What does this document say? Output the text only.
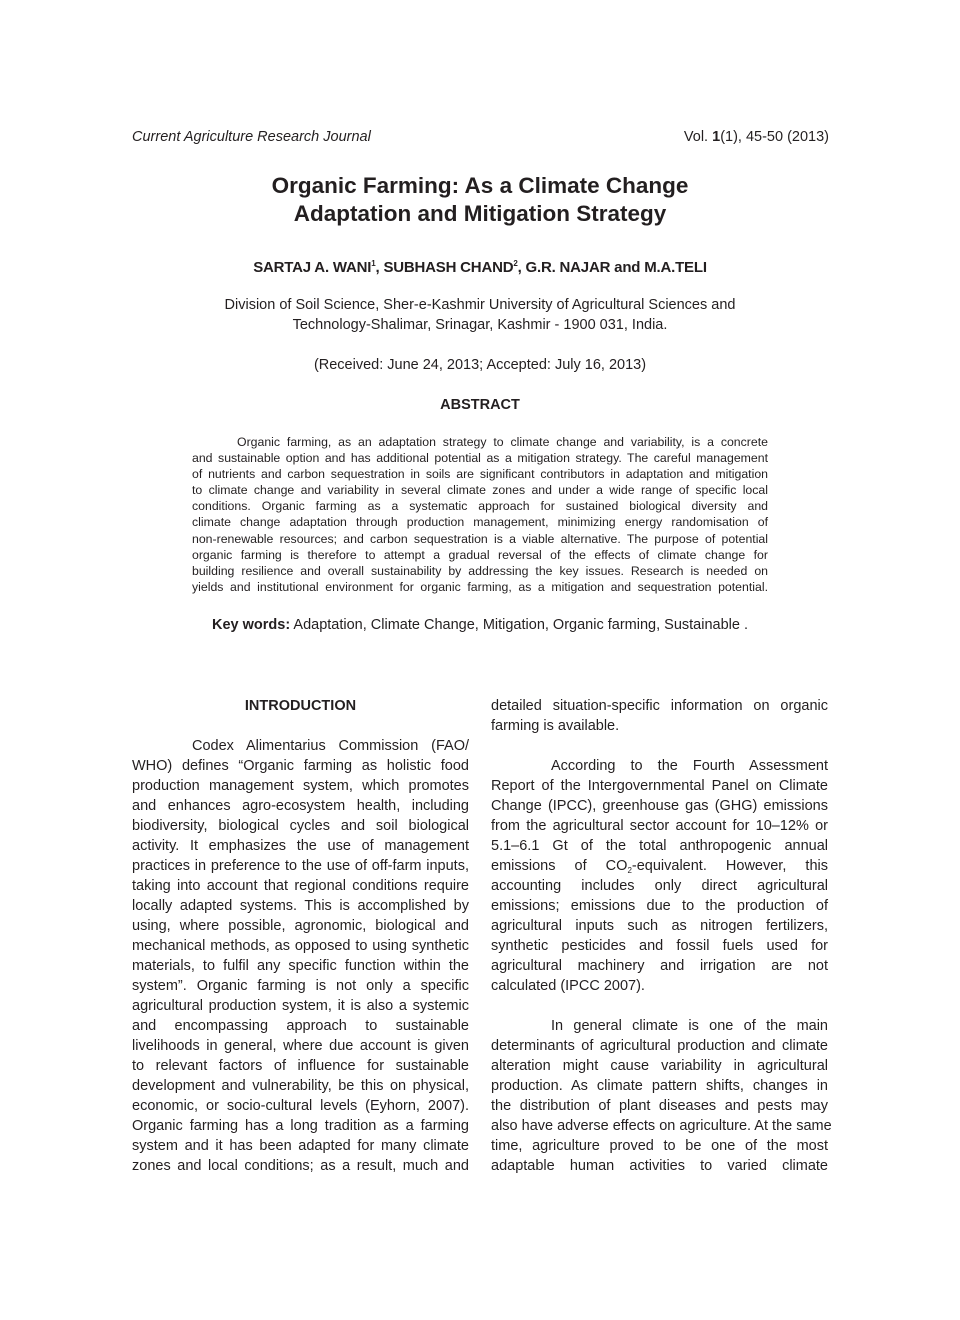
Current Agriculture Research Journal	Vol. 1(1), 45-50 (2013)
Organic Farming: As a Climate Change
Adaptation and Mitigation Strategy
SARTAJ A. WANI$^1$, SUBHASH CHAND$^2$, G.R. NAJAR and M.A.TELI
Division of Soil Science, Sher-e-Kashmir University of Agricultural Sciences and
Technology-Shalimar, Srinagar, Kashmir - 1900 031, India.
(Received: June 24, 2013; Accepted: July 16, 2013)
ABSTRACT
Organic farming, as an adaptation strategy to climate change and variability, is a concrete
and sustainable option and has additional potential as a mitigation strategy. The careful management
of nutrients and carbon sequestration in soils are significant contributors in adaptation and mitigation
to climate change and variability in several climate zones and under a wide range of specific local
conditions. Organic farming as a systematic approach for sustained biological diversity and
climate change adaptation through production management, minimizing energy randomisation of
non-renewable resources; and carbon sequestration is a viable alternative. The purpose of potential
organic farming is therefore to attempt a gradual reversal of the effects of climate change for
building resilience and overall sustainability by addressing the key issues. Research is needed on
yields and institutional environment for organic farming, as a mitigation and sequestration potential.
Key words: Adaptation, Climate Change, Mitigation, Organic farming, Sustainable .
INTRODUCTION
Codex Alimentarius Commission (FAO/
WHO) defines “Organic farming as holistic food
production management system, which promotes
and enhances agro-ecosystem health, including
biodiversity, biological cycles and soil biological
activity. It emphasizes the use of management
practices in preference to the use of off-farm inputs,
taking into account that regional conditions require
locally adapted systems. This is accomplished by
using, where possible, agronomic, biological and
mechanical methods, as opposed to using synthetic
materials, to fulfil any specific function within the
system”. Organic farming is not only a specific
agricultural production system, it is also a systemic
and encompassing approach to sustainable
livelihoods in general, where due account is given
to relevant factors of influence for sustainable
development and vulnerability, be this on physical,
economic, or socio-cultural levels (Eyhorn, 2007).
Organic farming has a long tradition as a farming
system and it has been adapted for many climate
zones and local conditions; as a result, much and
detailed situation-specific information on organic
farming is available.
According to the Fourth Assessment
Report of the Intergovernmental Panel on Climate
Change (IPCC), greenhouse gas (GHG) emissions
from the agricultural sector account for 10–12% or
5.1–6.1 Gt of the total anthropogenic annual
emissions of $CO_2$-equivalent. However, this
accounting includes only direct agricultural
emissions; emissions due to the production of
agricultural inputs such as nitrogen fertilizers,
synthetic pesticides and fossil fuels used for
agricultural machinery and irrigation are not
calculated (IPCC 2007).
In general climate is one of the main
determinants of agricultural production and climate
alteration might cause variability in agricultural
production. As climate pattern shifts, changes in
the distribution of plant diseases and pests may
also have adverse effects on agriculture. At the same
time, agriculture proved to be one of the most
adaptable human activities to varied climate
